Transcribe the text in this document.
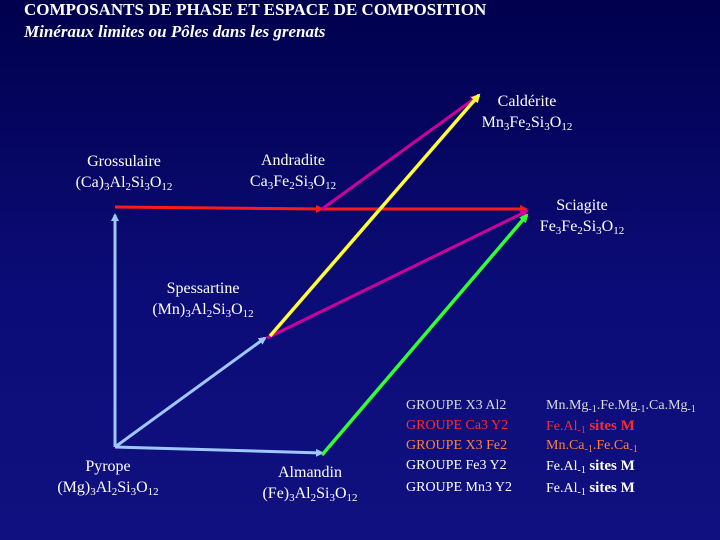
COMPOSANTS DE PHASE ET ESPACE DE COMPOSITION
Minéraux limites ou Pôles dans les grenats
Caldérite
$Mn_3Fe_2Si_3O_{12}$
Grossulaire
$(Ca)_3Al_2Si_3O_{12}$
Andradite
$Ca_3Fe_2Si_3O_{12}$
Sciagite
$Fe_3Fe_2Si_3O_{12}$
Spessartine
$(Mn)_3Al_2Si_3O_{12}$
Pyrope
$(Mg)_3Al_2Si_3O_{12}$
Almandin
$(Fe)_3Al_2Si_3O_{12}$
GROUPE X3 Al2	$Mn.Mg_{-1}.Fe.Mg_{-1}.Ca.Mg_{-1}$
GROUPE Ca3 Y2	$Fe.Al_{-1}$ sites M
GROUPE X3 Fe2	$Mn.Ca_{-1}.Fe.Ca_{-1}$
GROUPE Fe3 Y2	$Fe.Al_{-1}$ sites M
GROUPE Mn3 Y2 $Fe.Al_{-1}$ sites M
